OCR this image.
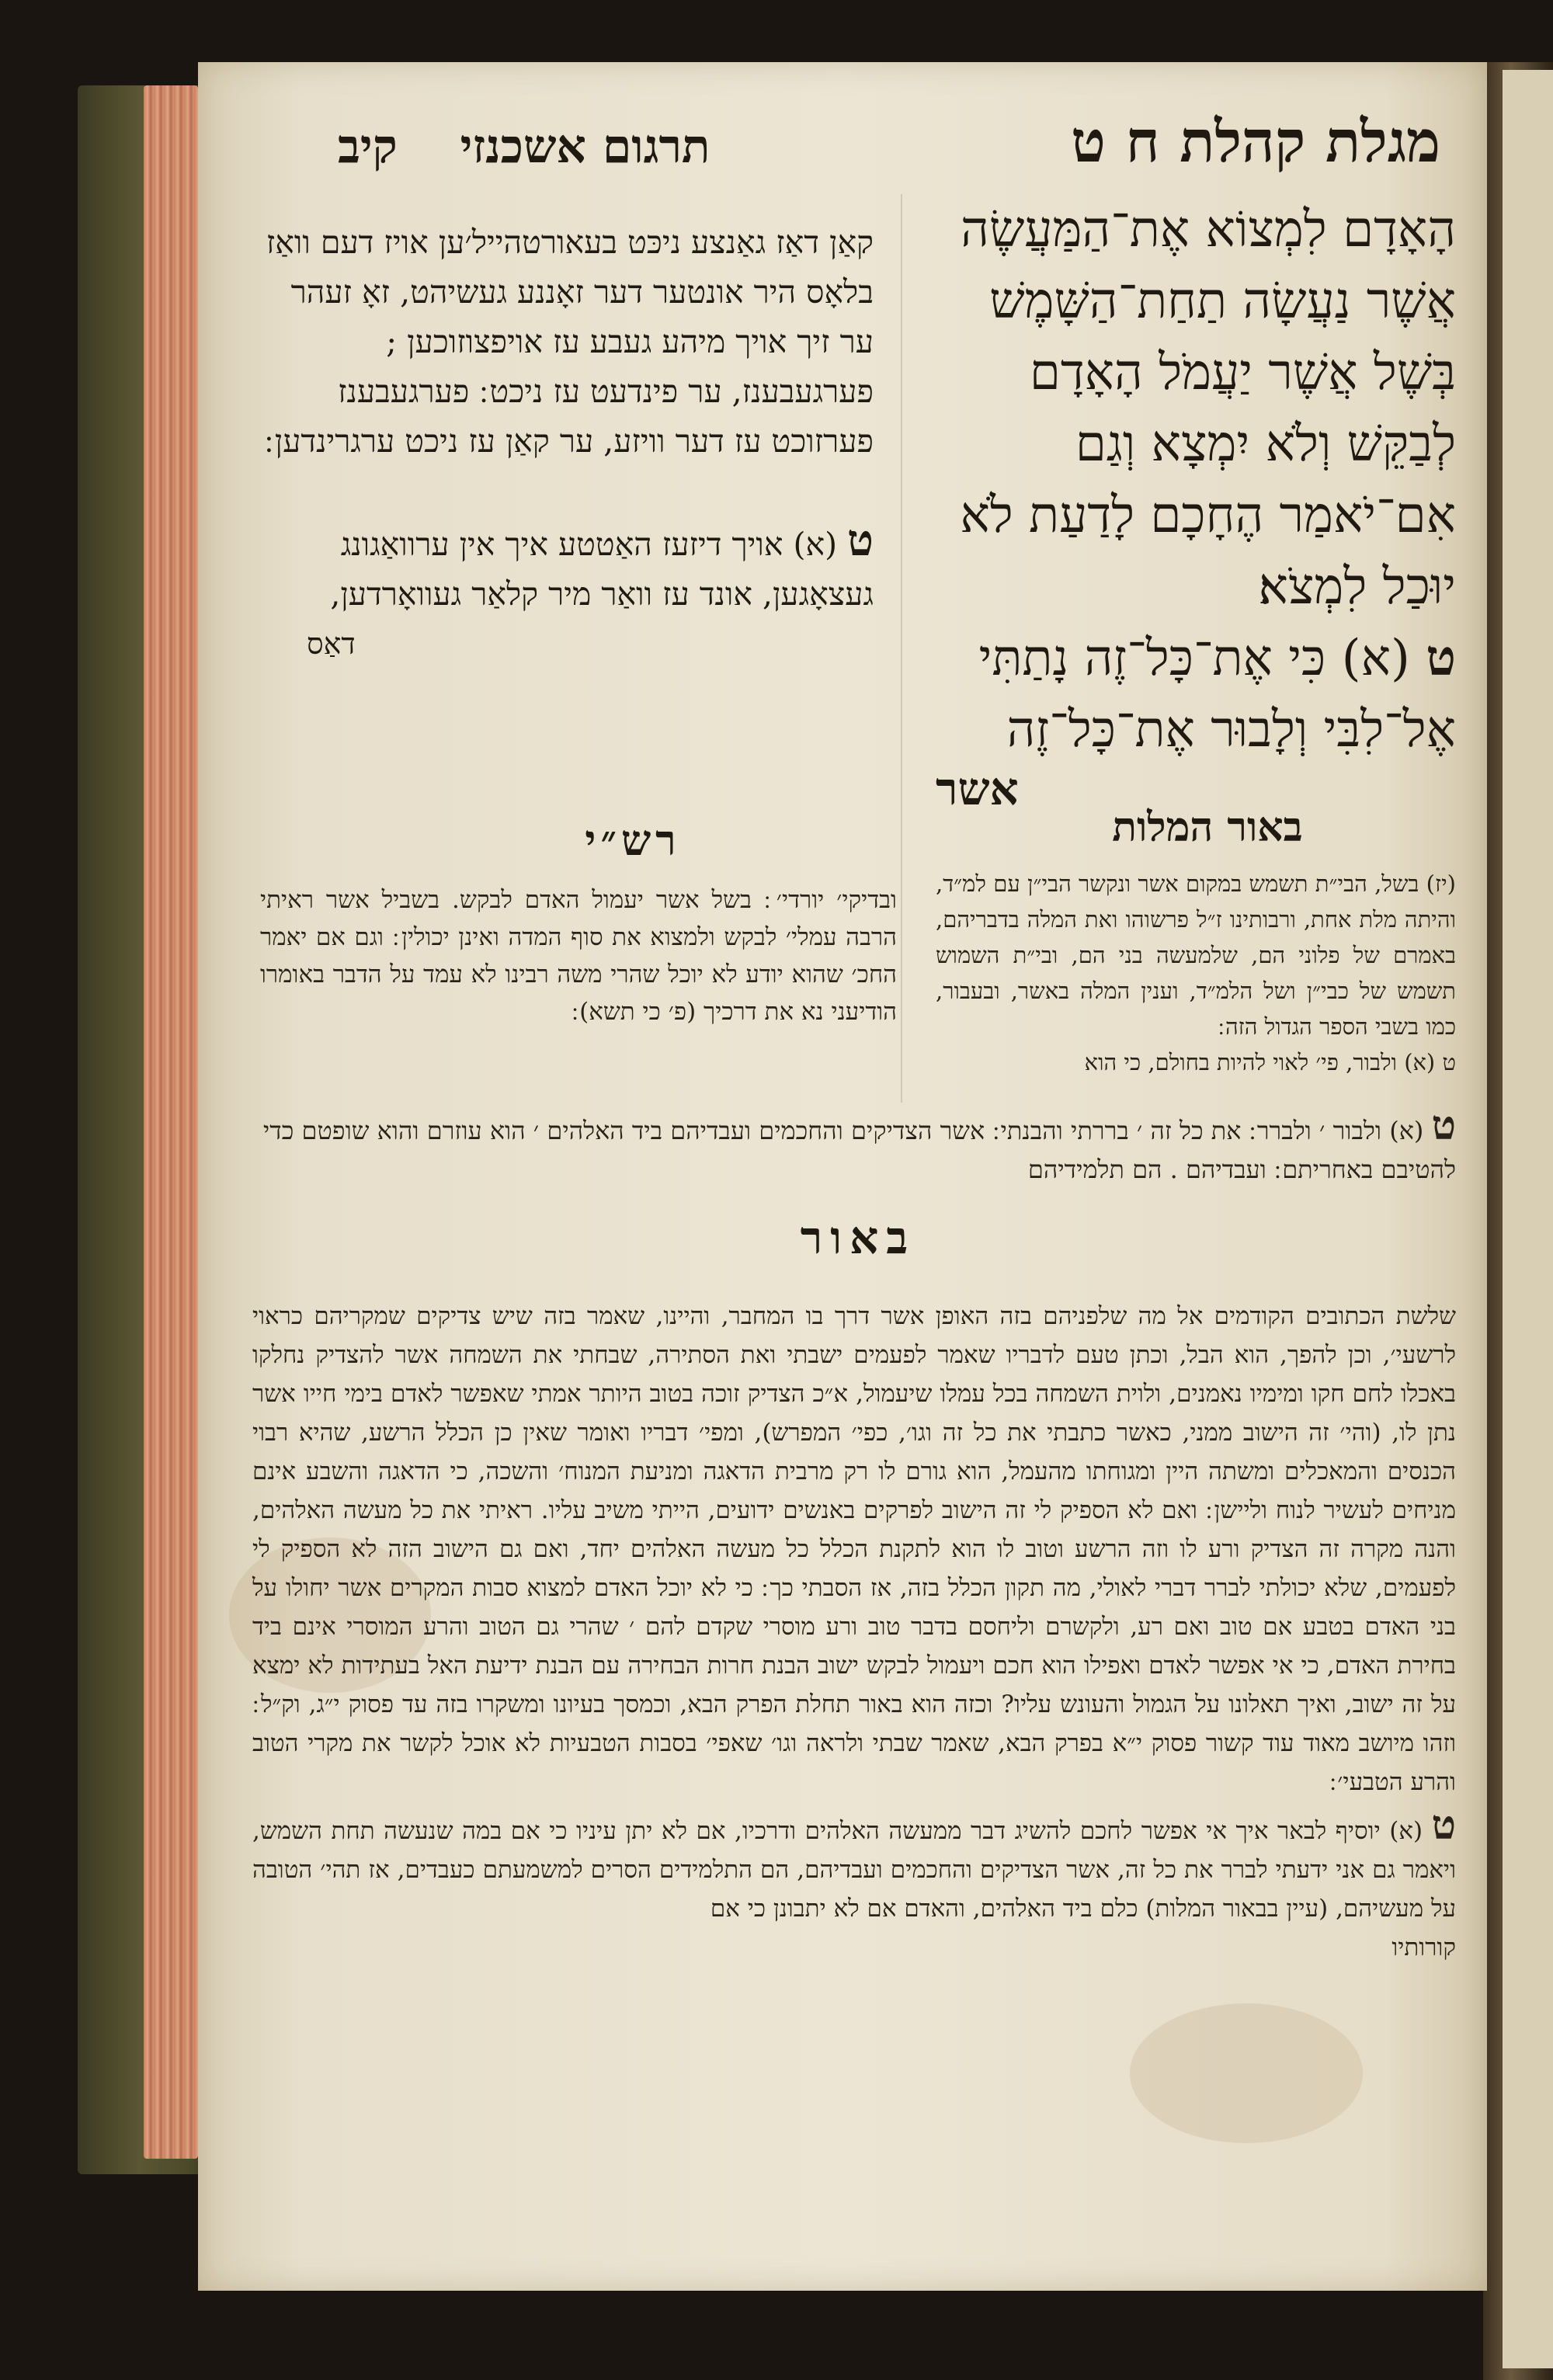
מגלת קהלת ח ט
תרגום אשכנזי קיב
הָאָדָם לִמְצוֹא אֶת־הַמַּעֲשֶׂה אֲשֶׁר נַעֲשָׂה תַחַת־הַשָּׁמֶשׁ בְּשֶׁל אֲשֶׁר יַעֲמֹל הָאָדָם לְבַקֵּשׁ וְלֹא יִמְצָא וְגַם אִם־יֹאמַר הֶחָכָם לָדַעַת לֹא יוּכַל לִמְצֹא׃
ט (א) כִּי אֶת־כָּל־זֶה נָתַתִּי אֶל־לִבִּי וְלָבוּר אֶת־כָּל־זֶה
אשר
קאַן דאַז גאַנצע ניכּט בעאורטהייל׳ען אויז דעם וואַז בלאָס היר אונטער דער זאָננע געשיהט, זאָ זעהר ער זיך אויך מיהע געבע עז אויפצוזוכען ; פערגעבענז, ער פינדעט עז ניכט ׃ פערגעבענז פערזוכט עז דער וויזע, ער קאַן עז ניכט ערגרינדען ׃

ט (א) אויך דיזעז האַטטע איך אין ערוואַגונג געצאָגען, אונד עז וואַר מיר קלאַר געוואָרדען,
דאַס
באור המלות
(יז) בשל, הבי״ת תשמש במקום אשר ונקשר הבי״ן עם למ״ד, והיתה מלת אחת, ורבותינו ז״ל פרשוהו ואת המלה בדבריהם, באמרם של פלוני הם, שלמעשה בני הם, ובי״ת השמוש תשמש של כבי״ן ושל הלמ״ד, וענין המלה באשר, ובעבור, כמו בשבי הספר הגדול הזה ׃
ט (א) ולבור, פי׳ לאוי להיות בחולם, כי הוא
רש״י
ובדיקי׳ יורדי׳ ׃ בשל אשר יעמול האדם לבקש. בשביל אשר ראיתי הרבה עמלי׳ לבקש ולמצוא את סוף המדה ואינן יכולין ׃ וגם אם יאמר החכ׳ שהוא יודע לא יוכל שהרי משה רבינו לא עמד על הדבר באומרו הודיעני נא את דרכיך (פ׳ כי תשא) ׃
ט (א) ולבור ׳ ולברר ׃ את כל זה ׳ בררתי והבנתי ׃ אשר הצדיקים והחכמים ועבדיהם ביד האלהים ׳ הוא עוזרם והוא שופטם כדי להטיבם באחריתם ׃ ועבדיהם . הם תלמידיהם
באור

שלשת הכתובים הקודמים אל מה שלפניהם בזה האופן אשר דרך בו המחבר, והיינו, שאמר בזה שיש צדיקים שמקריהם כראוי לרשעי׳, וכן להפך, הוא הבל, וכתן טעם לדבריו שאמר לפעמים ישבתי ואת הסתירה, שבחתי את השמחה אשר להצדיק נחלקו באכלו לחם חקו ומימיו נאמנים, ולוית השמחה בכל עמלו שיעמול, א״כ הצדיק זוכה בטוב היותר אמתי שאפשר לאדם בימי חייו אשר נתן לו, (והי׳ זה הישוב ממני, כאשר כתבתי את כל זה וגו׳, כפי׳ המפרש), ומפי׳ דבריו ואומר שאין כן הכלל הרשע, שהיא רבוי הכנסים והמאכלים ומשתה היין ומגוחתו מהעמל, הוא גורם לו רק מרבית הדאגה ומניעת המנוח׳ והשכה, כי הדאגה והשבע אינם מניחים לעשיר לנוח וליישן ׃ ואם לא הספיק לי זה הישוב לפרקים באנשים ידועים, הייתי משיב עליו. ראיתי את כל מעשה האלהים, והנה מקרה זה הצדיק ורע לו וזה הרשע וטוב לו הוא לתקנת הכלל כל מעשה האלהים יחד, ואם גם הישוב הזה לא הספיק לי לפעמים, שלא יכולתי לברר דברי לאולי, מה תקון הכלל בזה, אז הסבתי כך ׃ כי לא יוכל האדם למצוא סבות המקרים אשר יחולו על בני האדם בטבע אם טוב ואם רע, ולקשרם וליחסם בדבר טוב ורע מוסרי שקדם להם ׳ שהרי גם הטוב והרע המוסרי אינם ביד בחירת האדם, כי אי אפשר לאדם ואפילו הוא חכם ויעמול לבקש ישוב הבנת חרות הבחירה עם הבנת ידיעת האל בעתידות לא ימצא על זה ישוב, ואיך תאלונו על הגמול והעונש עליו? וכזה הוא באור תחלת הפרק הבא, וכמסך בעיונו ומשקרו בזה עד פסוק י״ג, וק״ל ׃ וזהו מיושב מאוד עוד קשור פסוק י״א בפרק הבא, שאמר שבתי ולראה וגו׳ שאפי׳ בסבות הטבעיות לא אוכל לקשר את מקרי הטוב והרע הטבעי׳ ׃

ט (א) יוסיף לבאר איך אי אפשר לחכם להשיג דבר ממעשה האלהים ודרכיו, אם לא יתן עיניו כי אם במה שנעשה תחת השמש, ויאמר גם אני ידעתי לברר את כל זה, אשר הצדיקים והחכמים ועבדיהם, הם התלמידים הסרים למשמעתם כעבדים, אז תהי׳ הטובה על מעשיהם, (עיין בבאור המלות) כלם ביד האלהים, והאדם אם לא יתבונן כי אם
קורותיו
